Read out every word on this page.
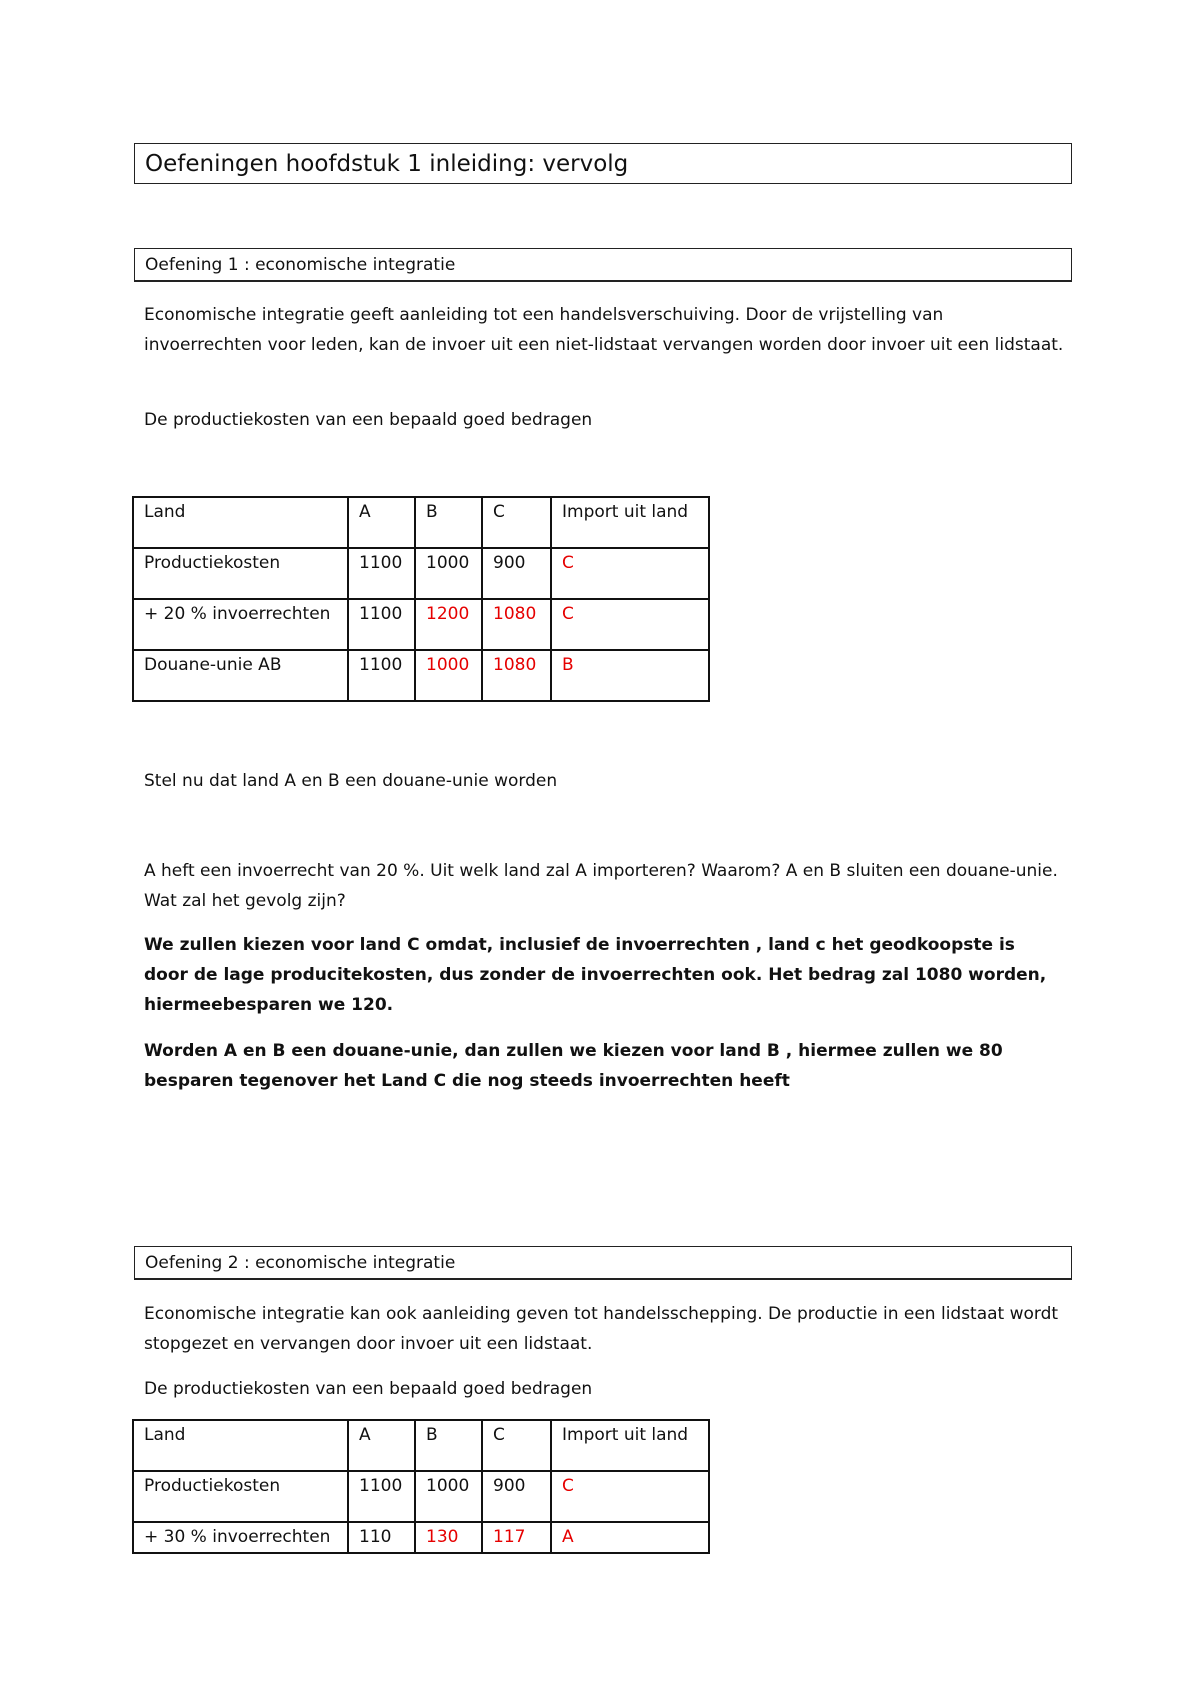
Oefeningen hoofdstuk 1 inleiding: vervolg
Oefening 1 : economische integratie

Economische integratie geeft aanleiding tot een handelsverschuiving. Door de vrijstelling van invoerrechten voor leden, kan de invoer uit een niet-lidstaat vervangen worden door invoer uit een lidstaat.

De productiekosten van een bepaald goed bedragen

Land	A	B	C	Import uit land
Productiekosten	1100	1000	900	C
+ 20 % invoerrechten	1100	1200	1080	C
Douane-unie AB	1100	1000	1080	B

Stel nu dat land A en B een douane-unie worden

A heft een invoerrecht van 20 %. Uit welk land zal A importeren? Waarom? A en B sluiten een douane-unie. Wat zal het gevolg zijn?

We zullen kiezen voor land C omdat, inclusief de invoerrechten , land c het geodkoopste is door de lage producitekosten, dus zonder de invoerrechten ook. Het bedrag zal 1080 worden, hiermeebesparen we 120.

Worden A en B een douane-unie, dan zullen we kiezen voor land B , hiermee zullen we 80 besparen tegenover het Land C die nog steeds invoerrechten heeft

Oefening 2 : economische integratie

Economische integratie kan ook aanleiding geven tot handelsschepping. De productie in een lidstaat wordt stopgezet en vervangen door invoer uit een lidstaat.

De productiekosten van een bepaald goed bedragen

Land	A	B	C	Import uit land
Productiekosten	1100	1000	900	C
+ 30 % invoerrechten	110	130	117	A
